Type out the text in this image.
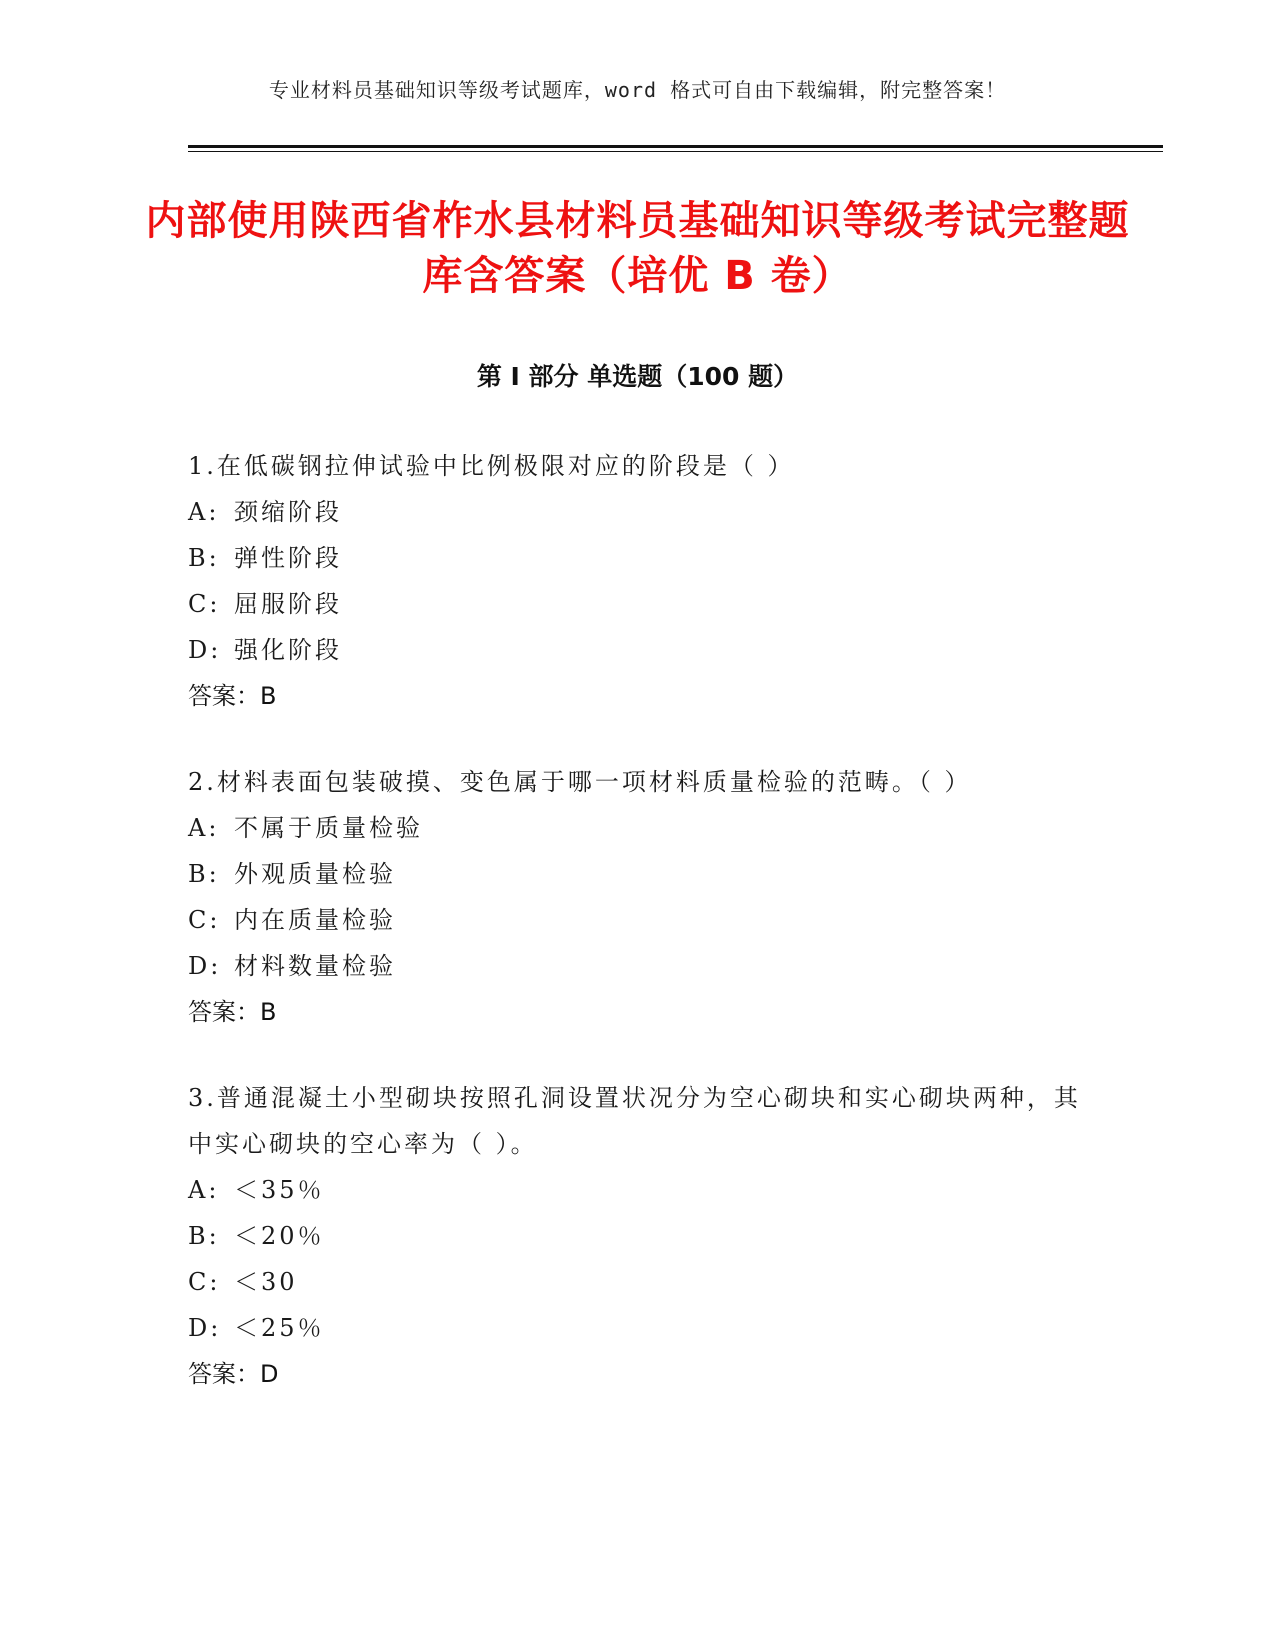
专业材料员基础知识等级考试题库，word 格式可自由下载编辑，附完整答案！
内部使用陕西省柞水县材料员基础知识等级考试完整题库含答案（培优 B 卷）
第 I 部分 单选题（100 题）
1.在低碳钢拉伸试验中比例极限对应的阶段是（ ）
A: 颈缩阶段
B: 弹性阶段
C: 屈服阶段
D: 强化阶段
答案：B
2.材料表面包装破摸、变色属于哪一项材料质量检验的范畴。（ ）
A: 不属于质量检验
B: 外观质量检验
C: 内在质量检验
D: 材料数量检验
答案：B
3.普通混凝土小型砌块按照孔洞设置状况分为空心砌块和实心砌块两种，其中实心砌块的空心率为（ ）。
A: ＜35％
B: ＜20％
C: ＜30
D: ＜25％
答案：D
